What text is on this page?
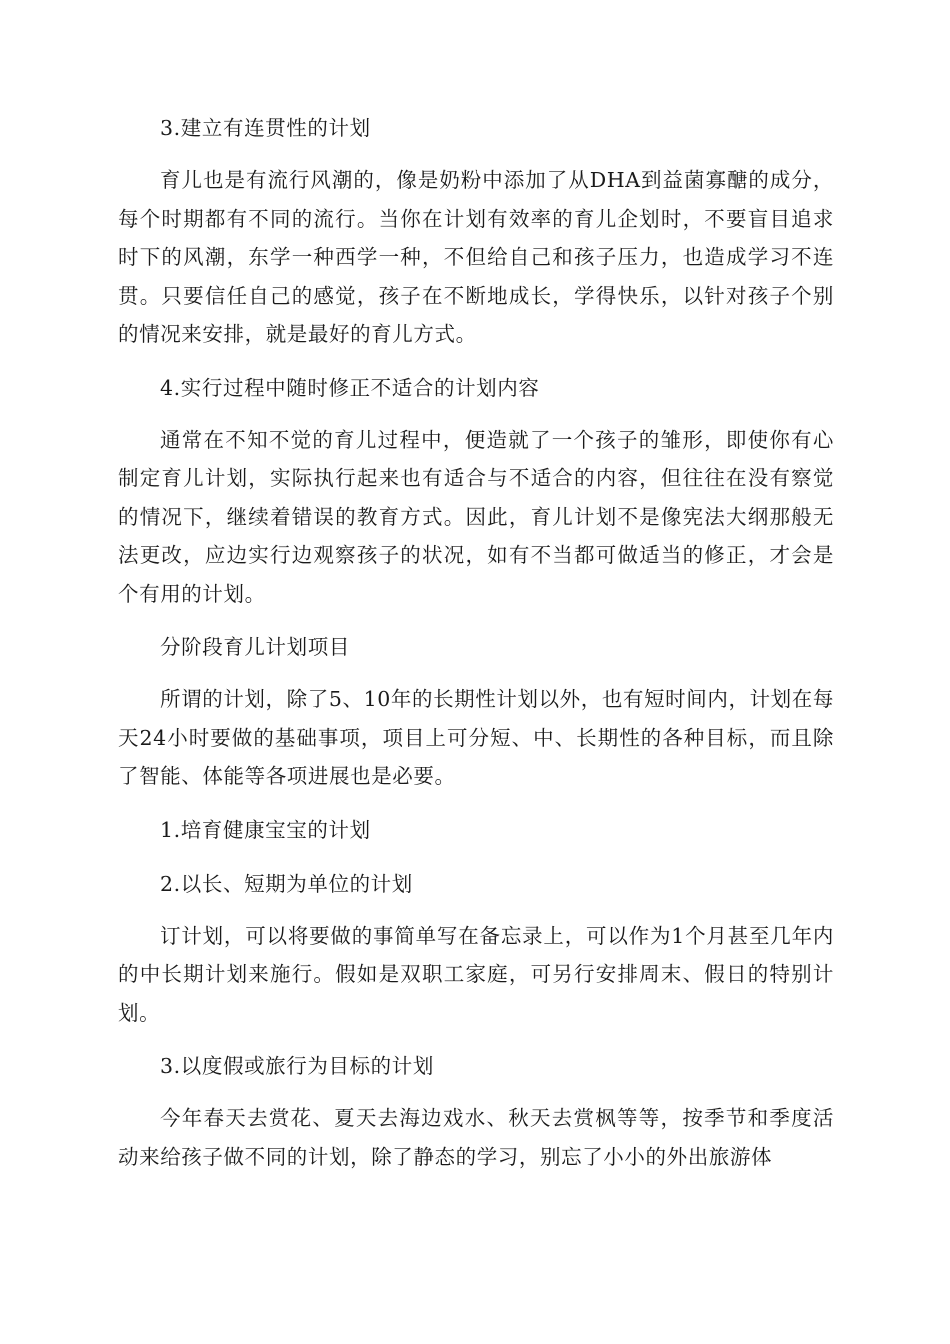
3.建立有连贯性的计划

育儿也是有流行风潮的，像是奶粉中添加了从DHA到益菌寡醣的成分，每个时期都有不同的流行。当你在计划有效率的育儿企划时，不要盲目追求时下的风潮，东学一种西学一种，不但给自己和孩子压力，也造成学习不连贯。只要信任自己的感觉，孩子在不断地成长，学得快乐，以针对孩子个别的情况来安排，就是最好的育儿方式。

4.实行过程中随时修正不适合的计划内容

通常在不知不觉的育儿过程中，便造就了一个孩子的雏形，即使你有心制定育儿计划，实际执行起来也有适合与不适合的内容，但往往在没有察觉的情况下，继续着错误的教育方式。因此，育儿计划不是像宪法大纲那般无法更改，应边实行边观察孩子的状况，如有不当都可做适当的修正，才会是个有用的计划。

分阶段育儿计划项目

所谓的计划，除了5、10年的长期性计划以外，也有短时间内，计划在每天24小时要做的基础事项，项目上可分短、中、长期性的各种目标，而且除了智能、体能等各项进展也是必要。

1.培育健康宝宝的计划

2.以长、短期为单位的计划

订计划，可以将要做的事简单写在备忘录上，可以作为1个月甚至几年内的中长期计划来施行。假如是双职工家庭，可另行安排周末、假日的特别计划。

3.以度假或旅行为目标的计划

今年春天去赏花、夏天去海边戏水、秋天去赏枫等等，按季节和季度活动来给孩子做不同的计划，除了静态的学习，别忘了小小的外出旅游体
